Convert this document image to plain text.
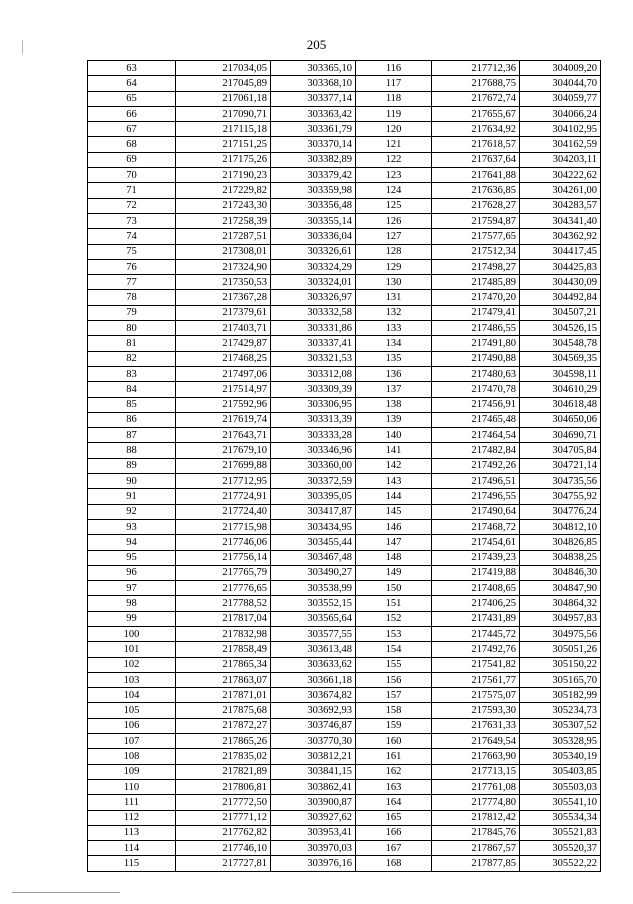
205
63	217034,05	303365,10	116	217712,36	304009,20
64	217045,89	303368,10	117	217688,75	304044,70
65	217061,18	303377,14	118	217672,74	304059,77
66	217090,71	303363,42	119	217655,67	304066,24
67	217115,18	303361,79	120	217634,92	304102,95
68	217151,25	303370,14	121	217618,57	304162,59
69	217175,26	303382,89	122	217637,64	304203,11
70	217190,23	303379,42	123	217641,88	304222,62
71	217229,82	303359,98	124	217636,85	304261,00
72	217243,30	303356,48	125	217628,27	304283,57
73	217258,39	303355,14	126	217594,87	304341,40
74	217287,51	303336,04	127	217577,65	304362,92
75	217308,01	303326,61	128	217512,34	304417,45
76	217324,90	303324,29	129	217498,27	304425,83
77	217350,53	303324,01	130	217485,89	304430,09
78	217367,28	303326,97	131	217470,20	304492,84
79	217379,61	303332,58	132	217479,41	304507,21
80	217403,71	303331,86	133	217486,55	304526,15
81	217429,87	303337,41	134	217491,80	304548,78
82	217468,25	303321,53	135	217490,88	304569,35
83	217497,06	303312,08	136	217480,63	304598,11
84	217514,97	303309,39	137	217470,78	304610,29
85	217592,96	303306,95	138	217456,91	304618,48
86	217619,74	303313,39	139	217465,48	304650,06
87	217643,71	303333,28	140	217464,54	304690,71
88	217679,10	303346,96	141	217482,84	304705,84
89	217699,88	303360,00	142	217492,26	304721,14
90	217712,95	303372,59	143	217496,51	304735,56
91	217724,91	303395,05	144	217496,55	304755,92
92	217724,40	303417,87	145	217490,64	304776,24
93	217715,98	303434,95	146	217468,72	304812,10
94	217746,06	303455,44	147	217454,61	304826,85
95	217756,14	303467,48	148	217439,23	304838,25
96	217765,79	303490,27	149	217419,88	304846,30
97	217776,65	303538,99	150	217408,65	304847,90
98	217788,52	303552,15	151	217406,25	304864,32
99	217817,04	303565,64	152	217431,89	304957,83
100	217832,98	303577,55	153	217445,72	304975,56
101	217858,49	303613,48	154	217492,76	305051,26
102	217865,34	303633,62	155	217541,82	305150,22
103	217863,07	303661,18	156	217561,77	305165,70
104	217871,01	303674,82	157	217575,07	305182,99
105	217875,68	303692,93	158	217593,30	305234,73
106	217872,27	303746,87	159	217631,33	305307,52
107	217865,26	303770,30	160	217649,54	305328,95
108	217835,02	303812,21	161	217663,90	305340,19
109	217821,89	303841,15	162	217713,15	305403,85
110	217806,81	303862,41	163	217761,08	305503,03
111	217772,50	303900,87	164	217774,80	305541,10
112	217771,12	303927,62	165	217812,42	305534,34
113	217762,82	303953,41	166	217845,76	305521,83
114	217746,10	303970,03	167	217867,57	305520,37
115	217727,81	303976,16	168	217877,85	305522,22
